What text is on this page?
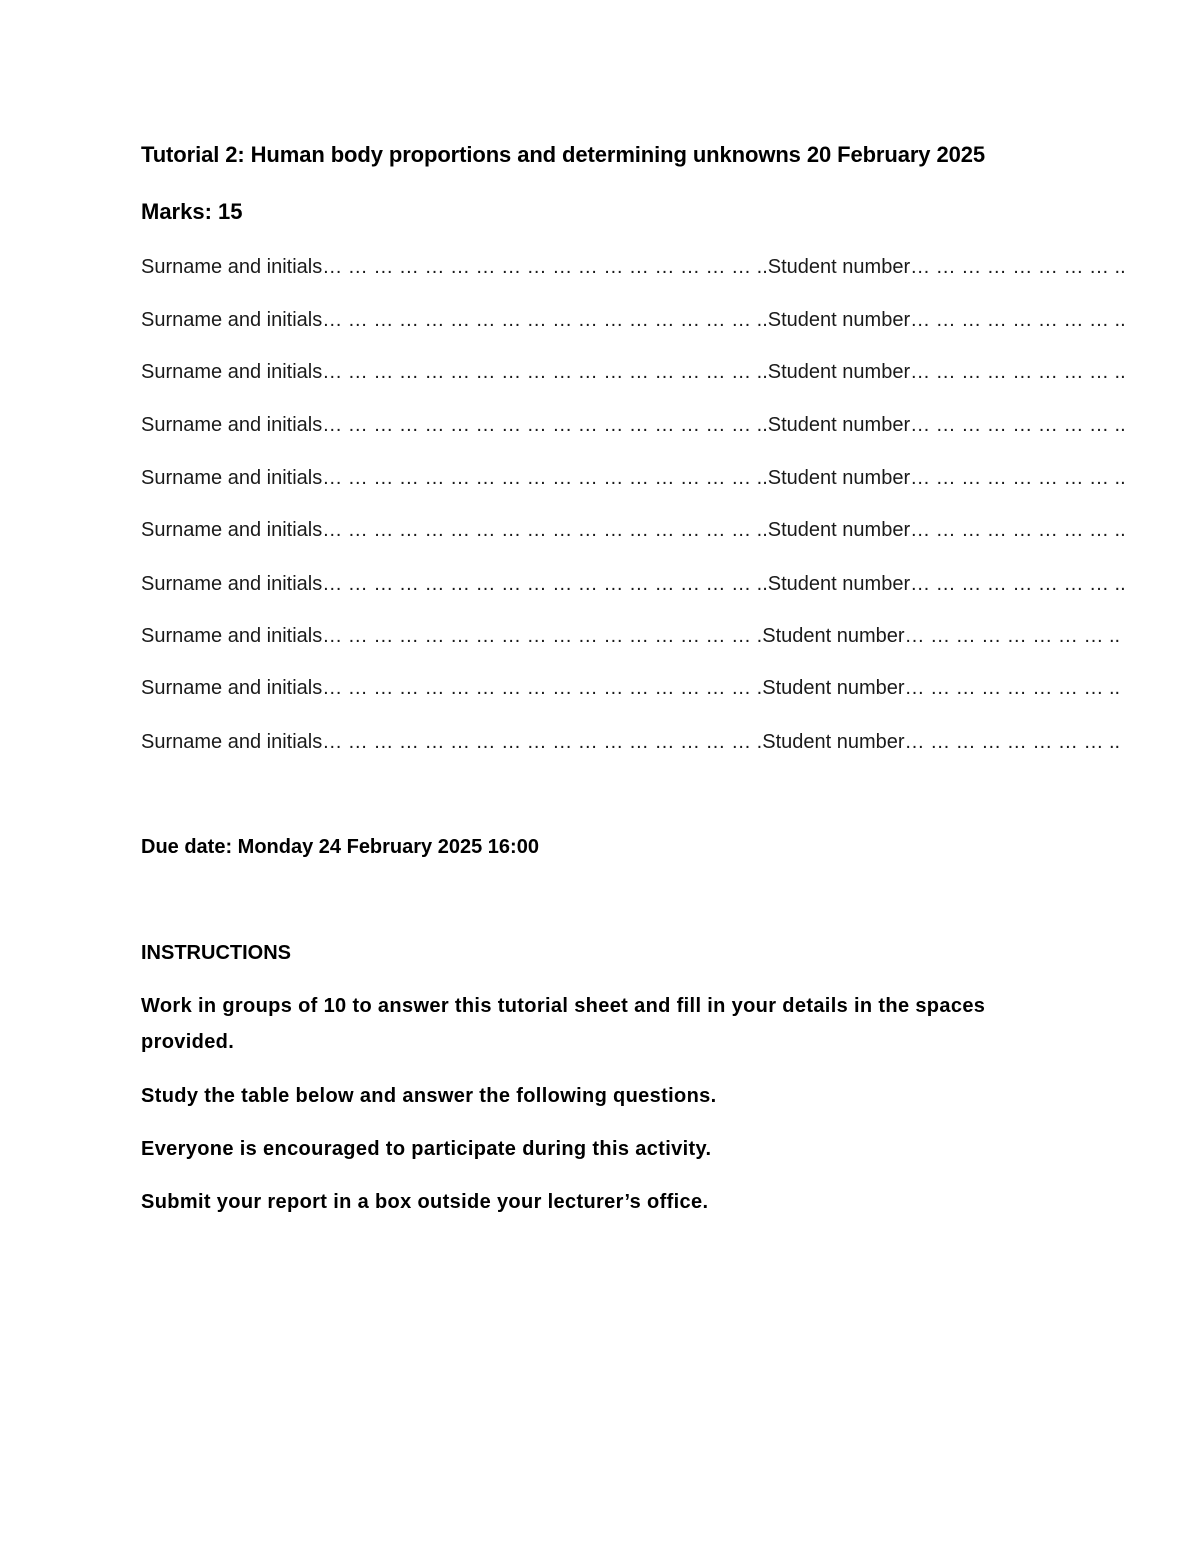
Tutorial 2: Human body proportions and determining unknowns 20 February 2025
Marks: 15
Surname and initials… … … … … … … … … … … … … … … … … ..Student number… … … … … … … … ..
Surname and initials… … … … … … … … … … … … … … … … … ..Student number… … … … … … … … ..
Surname and initials… … … … … … … … … … … … … … … … … ..Student number… … … … … … … … ..
Surname and initials… … … … … … … … … … … … … … … … … ..Student number… … … … … … … … ..
Surname and initials… … … … … … … … … … … … … … … … … ..Student number… … … … … … … … ..
Surname and initials… … … … … … … … … … … … … … … … … ..Student number… … … … … … … … ..
Surname and initials… … … … … … … … … … … … … … … … … ..Student number… … … … … … … … ..
Surname and initials… … … … … … … … … … … … … … … … … .Student number… … … … … … … … ..
Surname and initials… … … … … … … … … … … … … … … … … .Student number… … … … … … … … ..
Surname and initials… … … … … … … … … … … … … … … … … .Student number… … … … … … … … ..
Due date: Monday 24 February 2025 16:00
INSTRUCTIONS

Work in groups of 10 to answer this tutorial sheet and fill in your details in the spaces provided.

Study the table below and answer the following questions.

Everyone is encouraged to participate during this activity.

Submit your report in a box outside your lecturer’s office.
